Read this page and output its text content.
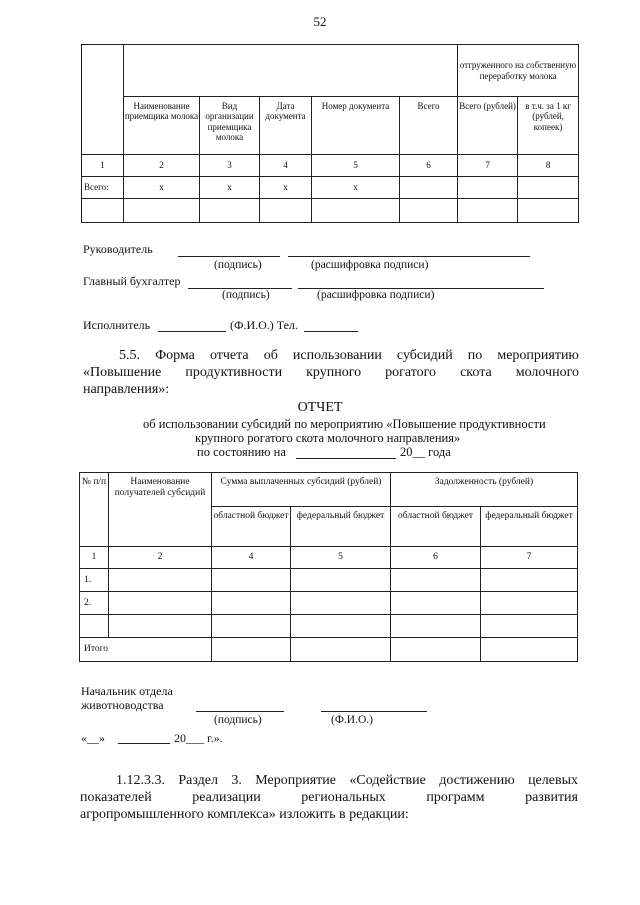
52
						отгруженного на собственную переработку молока	
	Наименование приемщика молока	Вид организации приемщика молока	Дата документа	Номер документа	Всего	Всего (рублей)	в т.ч. за 1 кг (рублей, копеек)
1	2	3	4	5	6	7	8
Всего:	x	x	x	x			

Руководитель
(подпись)	(расшифровка подписи)
Главный бухгалтер
(подпись)	(расшифровка подписи)
Исполнитель	(Ф.И.О.) Тел.
5.5. Форма отчета об использовании субсидий по мероприятию
«Повышение продуктивности крупного рогатого скота молочного
направления»:
ОТЧЕТ
об использовании субсидий по мероприятию «Повышение продуктивности
крупного рогатого скота молочного направления»
по состоянию на	20__ года
№ п/п	Наименование получателей субсидий	Сумма выплаченных субсидий (рублей)		Задолженность (рублей)	
		областной бюджет	федеральный бюджет	областной бюджет	федеральный бюджет
1	2	4	5	6	7
1.					
2.					

Итого					
Начальник отдела
животноводства
(подпись)	(Ф.И.О.)
«__»	20___ г.».
1.12.3.3. Раздел 3. Мероприятие «Содействие достижению целевых
показателей	реализации	региональных	программ	развития
агропромышленного комплекса» изложить в редакции:
